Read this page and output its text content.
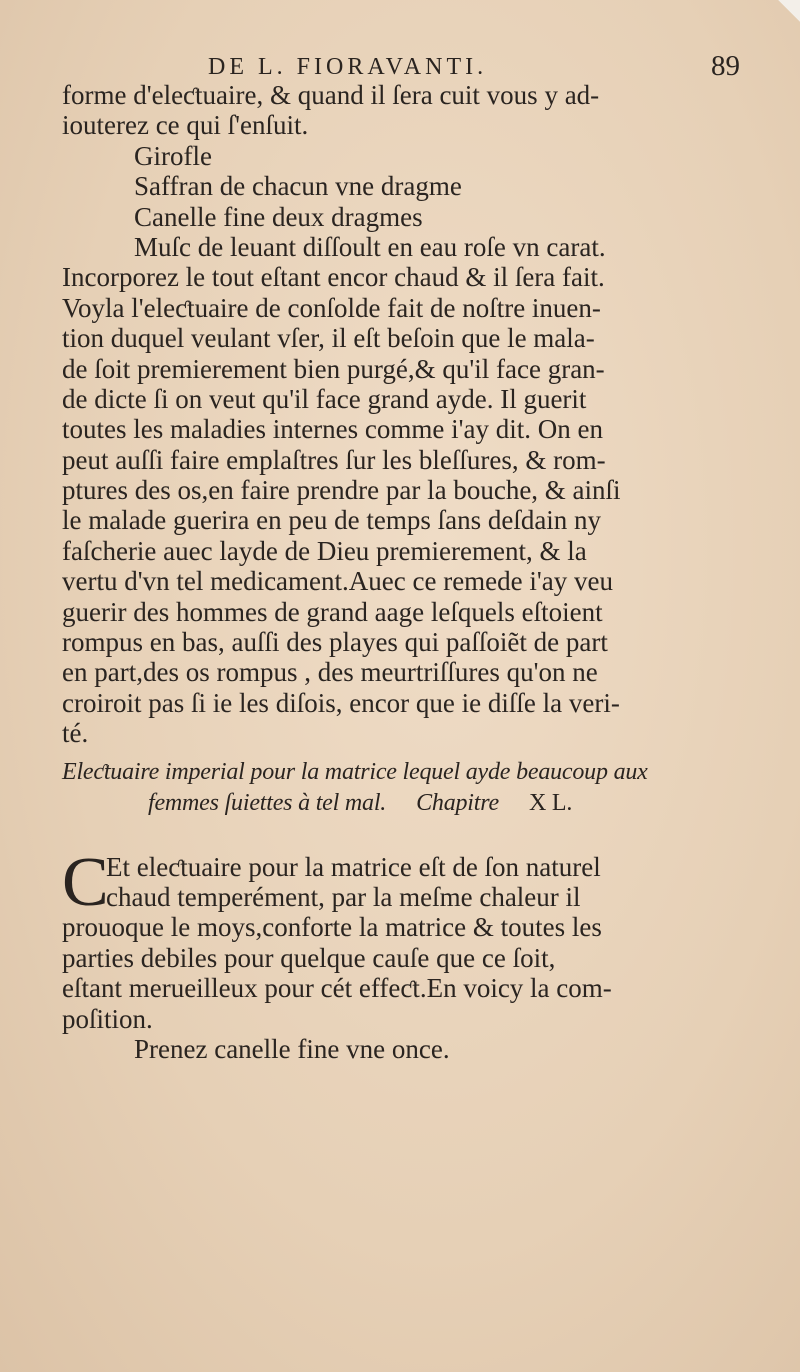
DE L. FIORAVANTI.	89
forme d'eleƈtuaire, & quand il ſera cuit vous y ad-
iouterez ce qui ſ'enſuit.
Girofle
Saffran de chacun vne dragme
Canelle fine deux dragmes
Muſc de leuant diſſoult en eau roſe vn carat.
Incorporez le tout eſtant encor chaud & il ſera fait.
Voyla l'eleƈtuaire de conſolde fait de noſtre inuen-
tion duquel veulant vſer, il eſt beſoin que le mala-
de ſoit premierement bien purgé,& qu'il face gran-
de dicte ſi on veut qu'il face grand ayde. Il guerit
toutes les maladies internes comme i'ay dit. On en
peut auſſi faire emplaſtres ſur les bleſſures, & rom-
ptures des os,en faire prendre par la bouche, & ainſi
le malade guerira en peu de temps ſans deſdain ny
faſcherie auec layde de Dieu premierement, & la
vertu d'vn tel medicament.Auec ce remede i'ay veu
guerir des hommes de grand aage leſquels eſtoient
rompus en bas, auſſi des playes qui paſſoiẽt de part
en part,des os rompus , des meurtriſſures qu'on ne
croiroit pas ſi ie les diſois, encor que ie diſſe la veri-
té.
Eleƈtuaire imperial pour la matrice lequel ayde beaucoup aux
femmes ſuiettes à tel mal. Chapitre X L.
C
Et eleƈtuaire pour la matrice eſt de ſon naturel
chaud temperément, par la meſme chaleur il
prouoque le moys,conforte la matrice & toutes les
parties debiles pour quelque cauſe que ce ſoit,
eſtant merueilleux pour cét effeƈt.En voicy la com-
poſition.
Prenez canelle fine vne once.
